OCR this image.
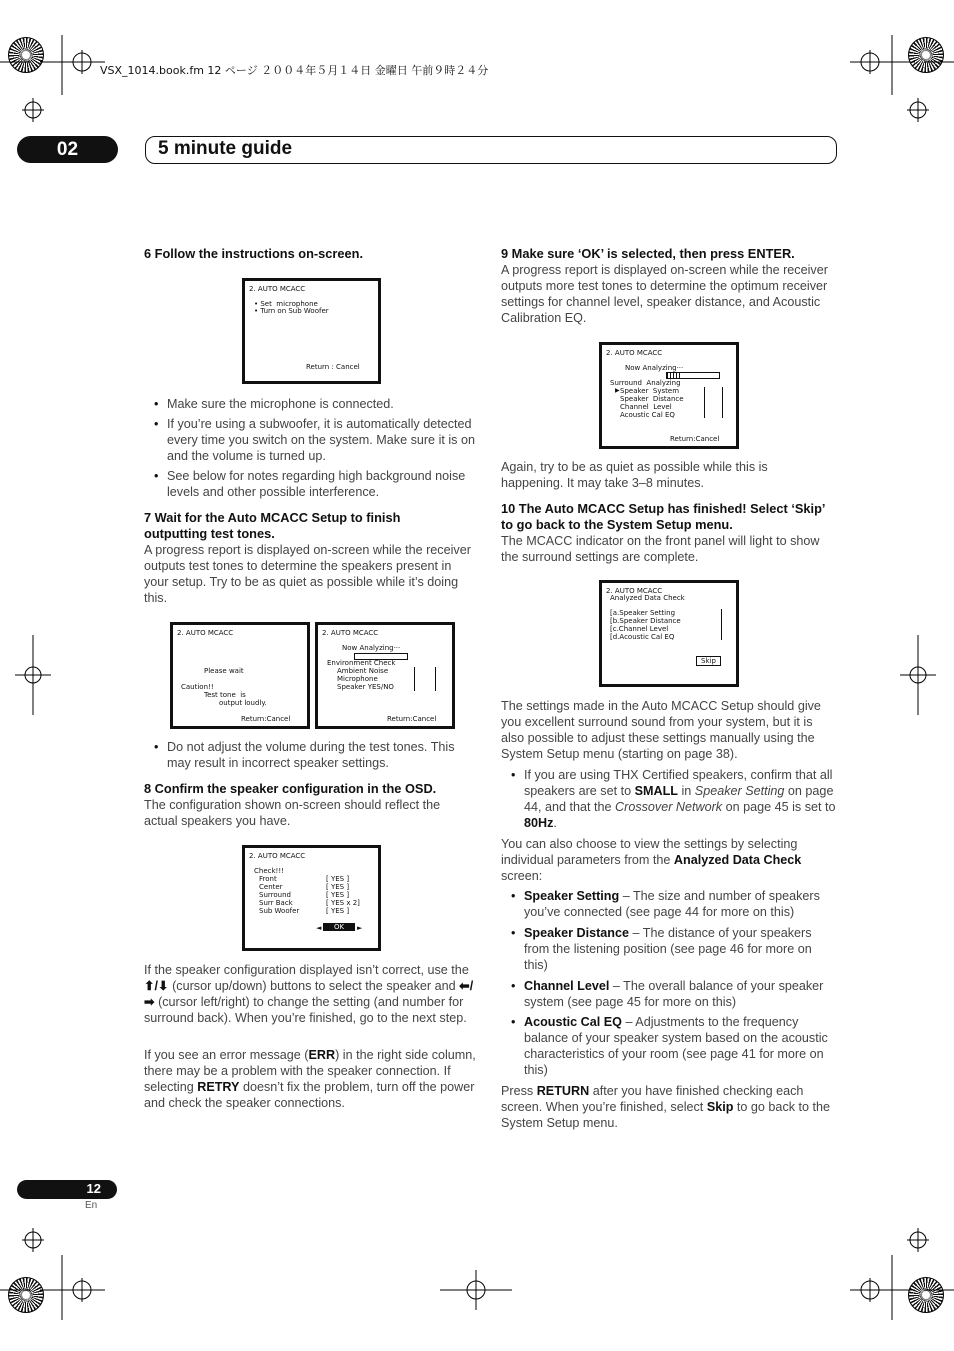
VSX_1014.book.fm 12 ページ ２００４年５月１４日 金曜日 午前９時２４分
02	5 minute guide
6 Follow the instructions on-screen.
2. AUTO MCACC
• Set  microphone
• Turn on Sub Woofer
Return : Cancel
• Make sure the microphone is connected.
• If you’re using a subwoofer, it is automatically detected every time you switch on the system. Make sure it is on and the volume is turned up.
• See below for notes regarding high background noise levels and other possible interference.
7 Wait for the Auto MCACC Setup to finish outputting test tones.
A progress report is displayed on-screen while the receiver outputs test tones to determine the speakers present in your setup. Try to be as quiet as possible while it’s doing this.
2. AUTO MCACC
Please wait
Caution!!
Test tone  is
output loudly.
Return:Cancel
2. AUTO MCACC
Now Analyzing···
Environment Check
Ambient Noise
Microphone
Speaker YES/NO
Return:Cancel
• Do not adjust the volume during the test tones. This may result in incorrect speaker settings.
8 Confirm the speaker configuration in the OSD.
The configuration shown on-screen should reflect the actual speakers you have.
2. AUTO MCACC
Check!!!
Front	[ YES ]
Center	[ YES ]
Surround	[ YES ]
Surr Back	[ YES x 2]
Sub Woofer	[ YES ]
◄	OK	►
If the speaker configuration displayed isn’t correct, use the ⬆/⬇ (cursor up/down) buttons to select the speaker and ⬅/➡ (cursor left/right) to change the setting (and number for surround back). When you’re finished, go to the next step.
If you see an error message (ERR) in the right side column, there may be a problem with the speaker connection. If selecting RETRY doesn’t fix the problem, turn off the power and check the speaker connections.
9 Make sure ‘OK’ is selected, then press ENTER.
A progress report is displayed on-screen while the receiver outputs more test tones to determine the optimum receiver settings for channel level, speaker distance, and Acoustic Calibration EQ.
2. AUTO MCACC
Now Analyzing···
Surround  Analyzing
▶ Speaker  System
Speaker  Distance
Channel  Level
Acoustic Cal EQ
Return:Cancel
Again, try to be as quiet as possible while this is happening. It may take 3–8 minutes.
10 The Auto MCACC Setup has finished! Select ‘Skip’ to go back to the System Setup menu.
The MCACC indicator on the front panel will light to show the surround settings are complete.
2. AUTO MCACC
Analyzed Data Check
[a.Speaker Setting
[b.Speaker Distance
[c.Channel Level
[d.Acoustic Cal EQ
Skip
The settings made in the Auto MCACC Setup should give you excellent surround sound from your system, but it is also possible to adjust these settings manually using the System Setup menu (starting on page 38).
• If you are using THX Certified speakers, confirm that all speakers are set to SMALL in Speaker Setting on page 44, and that the Crossover Network on page 45 is set to 80Hz.
You can also choose to view the settings by selecting individual parameters from the Analyzed Data Check screen:
• Speaker Setting – The size and number of speakers you’ve connected (see page 44 for more on this)
• Speaker Distance – The distance of your speakers from the listening position (see page 46 for more on this)
• Channel Level – The overall balance of your speaker system (see page 45 for more on this)
• Acoustic Cal EQ – Adjustments to the frequency balance of your speaker system based on the acoustic characteristics of your room (see page 41 for more on this)
Press RETURN after you have finished checking each screen. When you’re finished, select Skip to go back to the System Setup menu.
12
En
